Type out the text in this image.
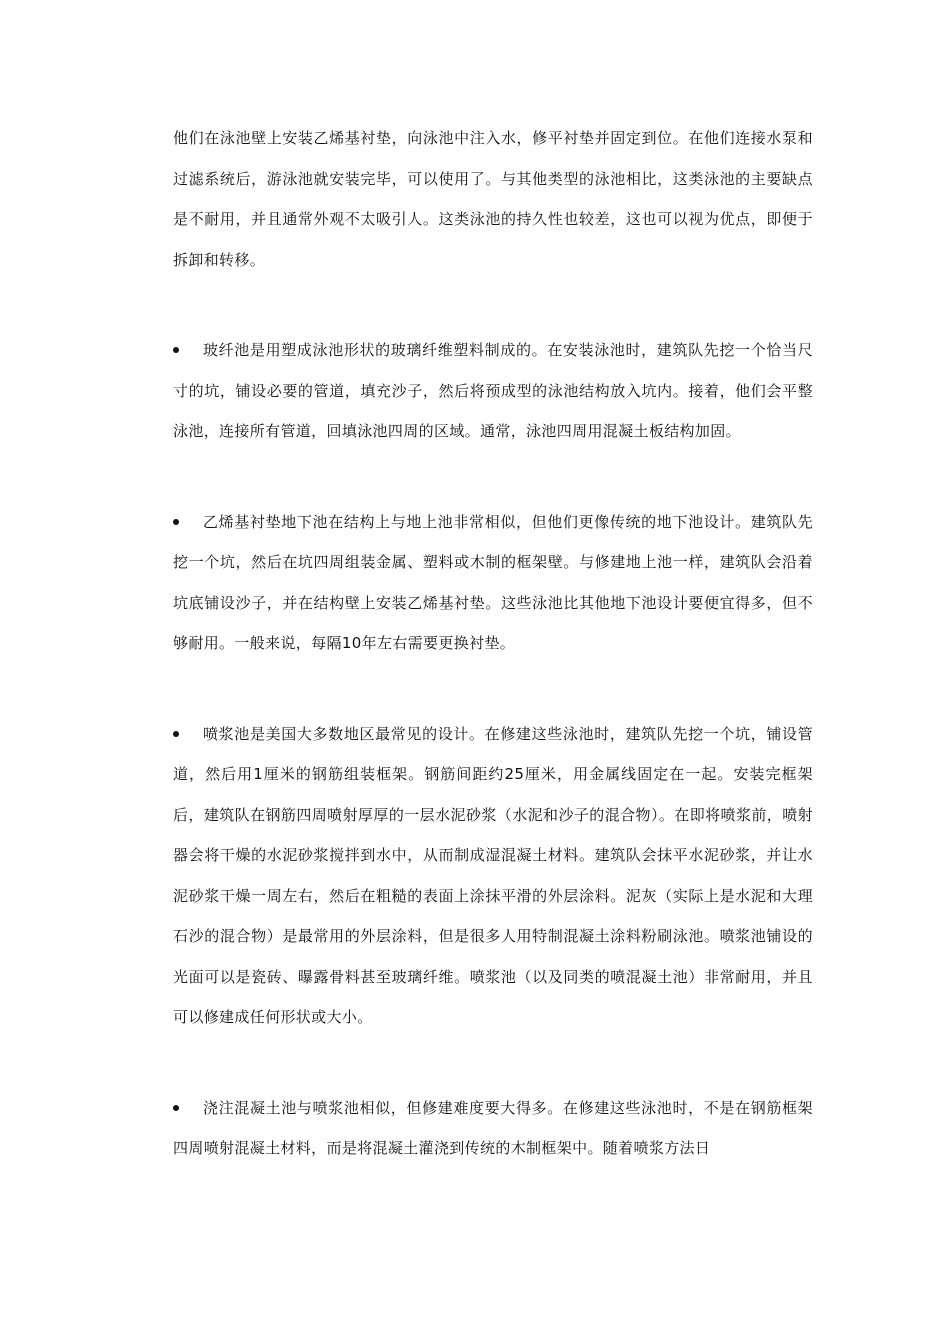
他们在泳池壁上安装乙烯基衬垫，向泳池中注入水，修平衬垫并固定到位。在他们连接水泵和过滤系统后，游泳池就安装完毕，可以使用了。与其他类型的泳池相比，这类泳池的主要缺点是不耐用，并且通常外观不太吸引人。这类泳池的持久性也较差，这也可以视为优点，即便于拆卸和转移。

玻纤池是用塑成泳池形状的玻璃纤维塑料制成的。在安装泳池时，建筑队先挖一个恰当尺寸的坑，铺设必要的管道，填充沙子，然后将预成型的泳池结构放入坑内。接着，他们会平整泳池，连接所有管道，回填泳池四周的区域。通常，泳池四周用混凝土板结构加固。

乙烯基衬垫地下池在结构上与地上池非常相似，但他们更像传统的地下池设计。建筑队先挖一个坑，然后在坑四周组装金属、塑料或木制的框架壁。与修建地上池一样，建筑队会沿着坑底铺设沙子，并在结构壁上安装乙烯基衬垫。这些泳池比其他地下池设计要便宜得多，但不够耐用。一般来说，每隔10年左右需要更换衬垫。

喷浆池是美国大多数地区最常见的设计。在修建这些泳池时，建筑队先挖一个坑，铺设管道，然后用1厘米的钢筋组装框架。钢筋间距约25厘米，用金属线固定在一起。安装完框架后，建筑队在钢筋四周喷射厚厚的一层水泥砂浆（水泥和沙子的混合物）。在即将喷浆前，喷射器会将干燥的水泥砂浆搅拌到水中，从而制成湿混凝土材料。建筑队会抹平水泥砂浆，并让水泥砂浆干燥一周左右，然后在粗糙的表面上涂抹平滑的外层涂料。泥灰（实际上是水泥和大理石沙的混合物）是最常用的外层涂料，但是很多人用特制混凝土涂料粉刷泳池。喷浆池铺设的光面可以是瓷砖、曝露骨料甚至玻璃纤维。喷浆池（以及同类的喷混凝土池）非常耐用，并且可以修建成任何形状或大小。

浇注混凝土池与喷浆池相似，但修建难度要大得多。在修建这些泳池时，不是在钢筋框架四周喷射混凝土材料，而是将混凝土灌浇到传统的木制框架中。随着喷浆方法日
